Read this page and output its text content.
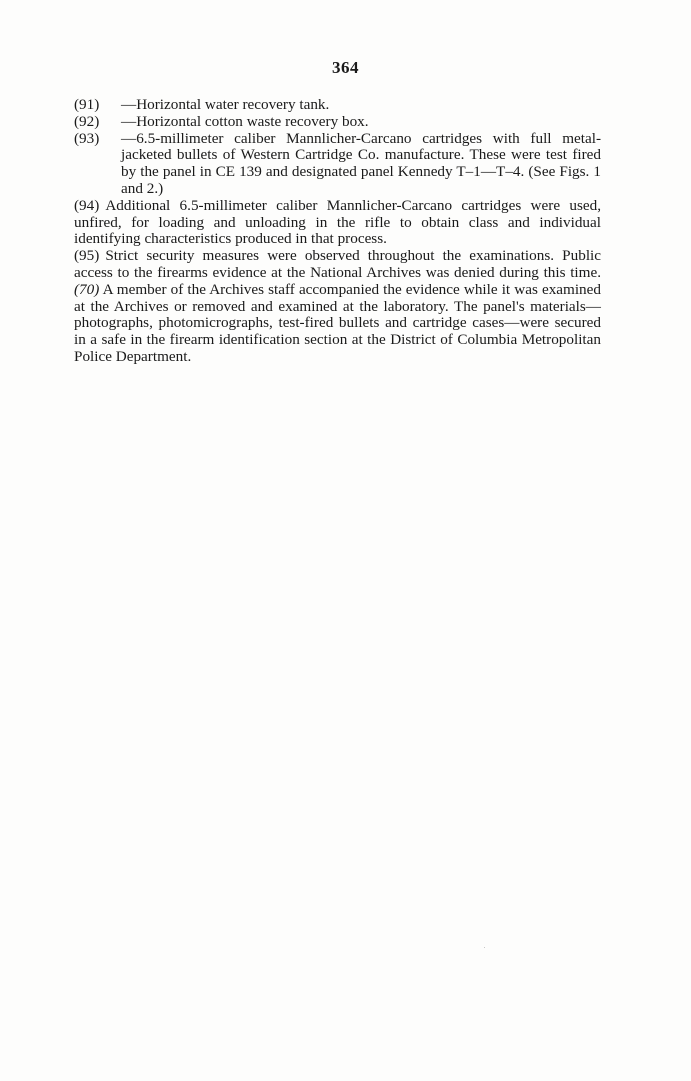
364

(91)	—Horizontal water recovery tank.

(92)	—Horizontal cotton waste recovery box.

(93)	—6.5-millimeter caliber Mannlicher-Carcano cartridges with full metal-jacketed bullets of Western Cartridge Co. manufacture. These were test fired by the panel in CE 139 and designated panel Kennedy T–1—T–4. (See Figs. 1 and 2.)

(94) Additional 6.5-millimeter caliber Mannlicher-Carcano cartridges were used, unfired, for loading and unloading in the rifle to obtain class and individual identifying characteristics produced in that process.

(95) Strict security measures were observed throughout the examinations. Public access to the firearms evidence at the National Archives was denied during this time.(70) A member of the Archives staff accompanied the evidence while it was examined at the Archives or removed and examined at the laboratory. The panel's materials—photographs, photomicrographs, test-fired bullets and cartridge cases—were secured in a safe in the firearm identification section at the District of Columbia Metropolitan Police Department.
